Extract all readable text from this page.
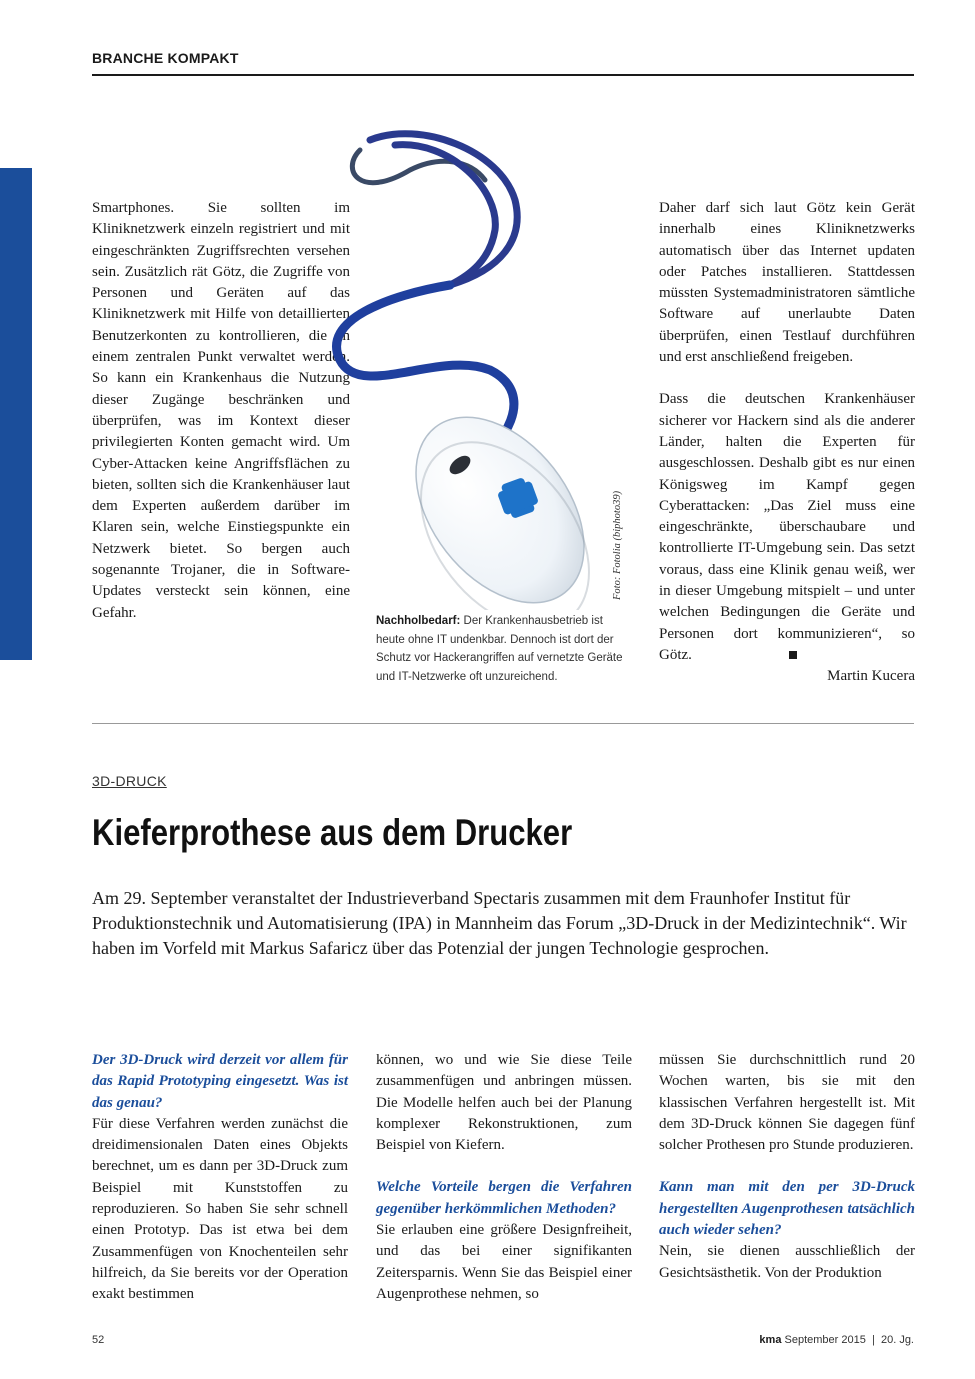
BRANCHE KOMPAKT

Smartphones. Sie sollten im Kliniknetzwerk einzeln registriert und mit eingeschränkten Zugriffsrechten versehen sein. Zusätzlich rät Götz, die Zugriffe von Personen und Geräten auf das Kliniknetzwerk mit Hilfe von detaillierten Benutzerkonten zu kontrollieren, die an einem zentralen Punkt verwaltet werden. So kann ein Krankenhaus die Nutzung dieser Zugänge beschränken und überprüfen, was im Kontext dieser privilegierten Konten gemacht wird. Um Cyber-Attacken keine Angriffsflächen zu bieten, sollten sich die Krankenhäuser laut dem Experten außerdem darüber im Klaren sein, welche Einstiegspunkte ein Netzwerk bietet. So bergen auch sogenannte Trojaner, die in Software-Updates versteckt sein können, eine Gefahr.

Foto: Fotolia (biphoto39)
Nachholbedarf: Der Krankenhausbetrieb ist heute ohne IT undenkbar. Dennoch ist dort der Schutz vor Hackerangriffen auf vernetzte Geräte und IT-Netzwerke oft unzureichend.

Daher darf sich laut Götz kein Gerät innerhalb eines Kliniknetzwerks automatisch über das Internet updaten oder Patches installieren. Stattdessen müssten Systemadministratoren sämtliche Software auf unerlaubte Daten überprüfen, einen Testlauf durchführen und erst anschließend freigeben.

Dass die deutschen Krankenhäuser sicherer vor Hackern sind als die anderer Länder, halten die Experten für ausgeschlossen. Deshalb gibt es nur einen Königsweg im Kampf gegen Cyberattacken: „Das Ziel muss eine eingeschränkte, überschaubare und kontrollierte IT-Umgebung sein. Das setzt voraus, dass eine Klinik genau weiß, wer in dieser Umgebung mitspielt – und unter welchen Bedingungen die Geräte und Personen dort kommunizieren“, so Götz.

Martin Kucera
3D-DRUCK
Kieferprothese aus dem Drucker
Am 29. September veranstaltet der Industrieverband Spectaris zusammen mit dem Fraunhofer Institut für Produktionstechnik und Automatisierung (IPA) in Mannheim das Forum „3D-Druck in der Medizintechnik“. Wir haben im Vorfeld mit Markus Safaricz über das Potenzial der jungen Technologie gesprochen.

Der 3D-Druck wird derzeit vor allem für das Rapid Prototyping eingesetzt. Was ist das genau?

Für diese Verfahren werden zunächst die dreidimensionalen Daten eines Objekts berechnet, um es dann per 3D-Druck zum Beispiel mit Kunststoffen zu reproduzieren. So haben Sie sehr schnell einen Prototyp. Das ist etwa bei dem Zusammenfügen von Knochenteilen sehr hilfreich, da Sie bereits vor der Operation exakt bestimmen

können, wo und wie Sie diese Teile zusammenfügen und anbringen müssen. Die Modelle helfen auch bei der Planung komplexer Rekonstruktionen, zum Beispiel von Kiefern.

Welche Vorteile bergen die Verfahren gegenüber herkömmlichen Methoden?

Sie erlauben eine größere Designfreiheit, und das bei einer signifikanten Zeitersparnis. Wenn Sie das Beispiel einer Augenprothese nehmen, so

müssen Sie durchschnittlich rund 20 Wochen warten, bis sie mit den klassischen Verfahren hergestellt ist. Mit dem 3D-Druck können Sie dagegen fünf solcher Prothesen pro Stunde produzieren.

Kann man mit den per 3D-Druck hergestellten Augenprothesen tatsächlich auch wieder sehen?

Nein, sie dienen ausschließlich der Gesichtsästhetik. Von der Produktion

52	kma September 2015 | 20. Jg.
